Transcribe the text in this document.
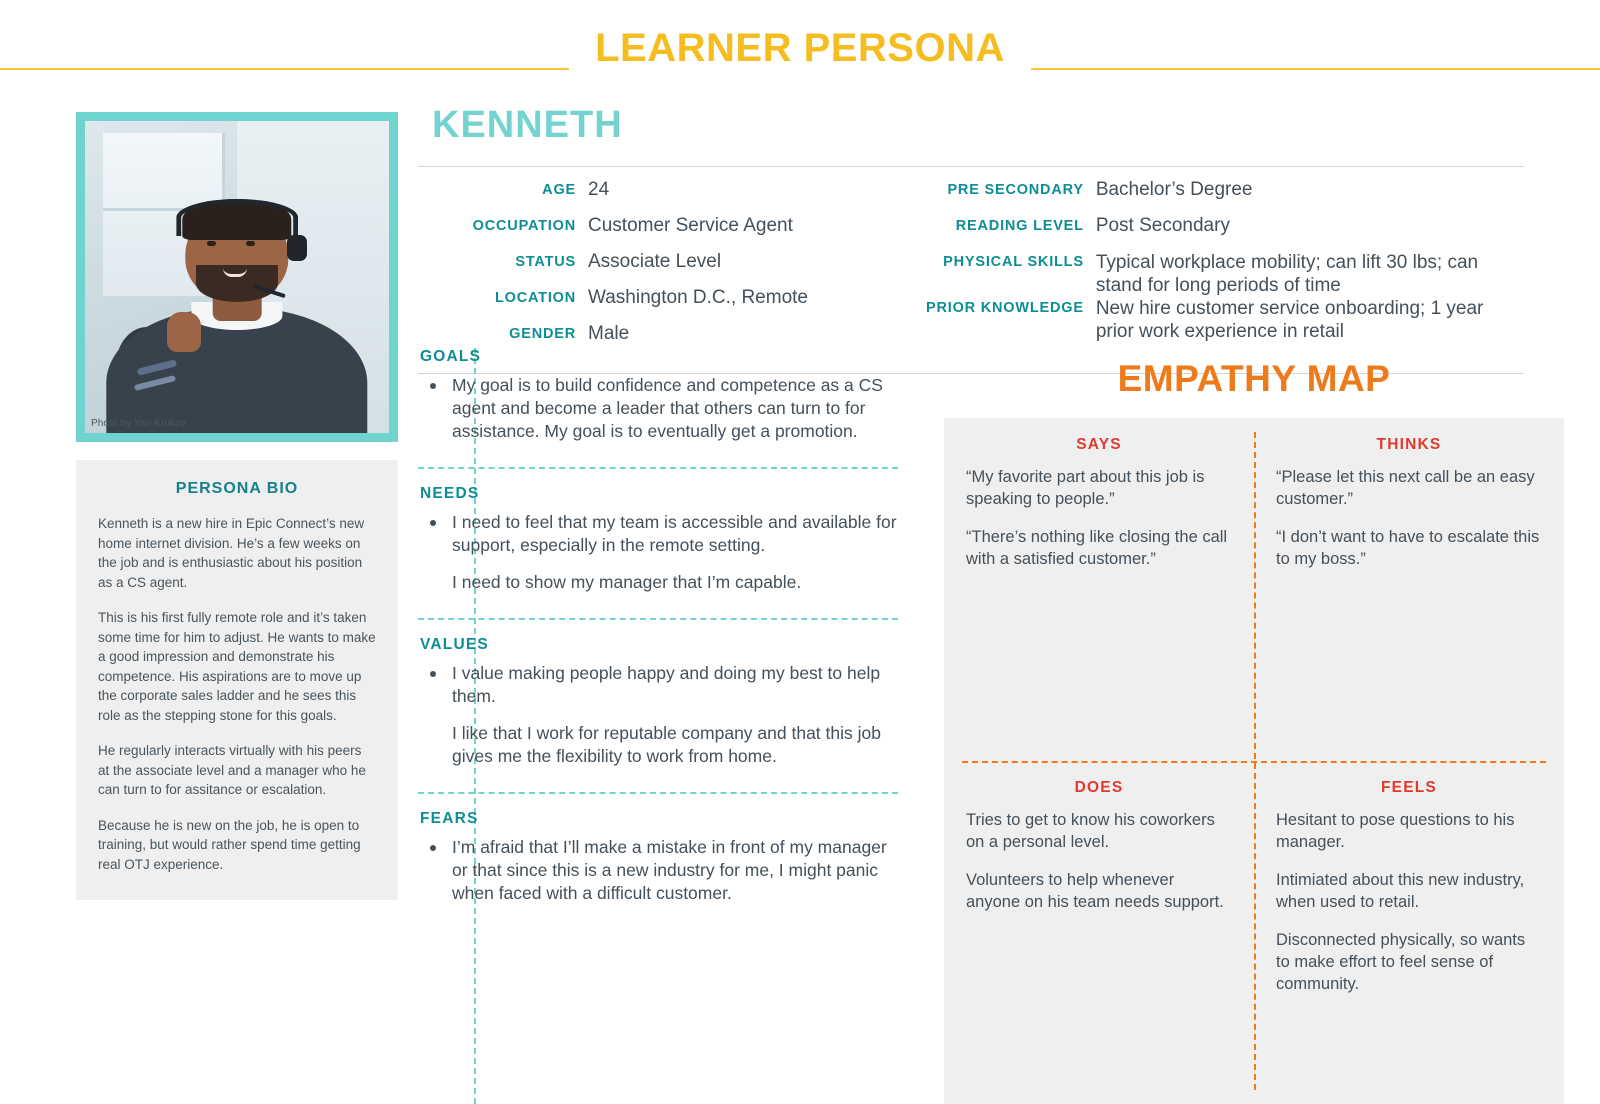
LEARNER PERSONA
Photo by Yan Krukov
PERSONA BIO

Kenneth is a new hire in Epic Connect’s new home internet division. He’s a few weeks on the job and is enthusiastic about his position as a CS agent.

This is his first fully remote role and it’s taken some time for him to adjust. He wants to make a good impression and demonstrate his competence. His aspirations are to move up the corporate sales ladder and he sees this role as the stepping stone for this goals.

He regularly interacts virtually with his peers at the associate level and a manager who he can turn to for assitance or escalation.

Because he is new on the job, he is open to training, but would rather spend time getting real OTJ experience.

KENNETH
AGE
OCCUPATION
STATUS
LOCATION
GENDER
24
Customer Service Agent
Associate Level
Washington D.C., Remote
Male
PRE SECONDARY
READING LEVEL
PHYSICAL SKILLS
PRIOR KNOWLEDGE
Bachelor’s Degree
Post Secondary
Typical workplace mobility; can lift 30 lbs; can stand for long periods of time
New hire customer service onboarding; 1 year prior work experience in retail
GOALS
My goal is to build confidence and competence as a CS agent and become a leader that others can turn to for assistance. My goal is to eventually get a promotion.
NEEDS
I need to feel that my team is accessible and available for support, especially in the remote setting.
I need to show my manager that I’m capable.
VALUES
I value making people happy and doing my best to help them.
I like that I work for reputable company and that this job gives me the flexibility to work from home.
FEARS
I’m afraid that I’ll make a mistake in front of my manager or that since this is a new industry for me, I might panic when faced with a difficult customer.
EMPATHY MAP
SAYS

“My favorite part about this job is speaking to people.”

“There’s nothing like closing the call with a satisfied customer.”

THINKS

“Please let this next call be an easy customer.”

“I don’t want to have to escalate this to my boss.”

DOES

Tries to get to know his coworkers on a personal level.

Volunteers to help whenever anyone on his team needs support.

FEELS

Hesitant to pose questions to his manager.

Intimiated about this new industry, when used to retail.

Disconnected physically, so wants to make effort to feel sense of community.
